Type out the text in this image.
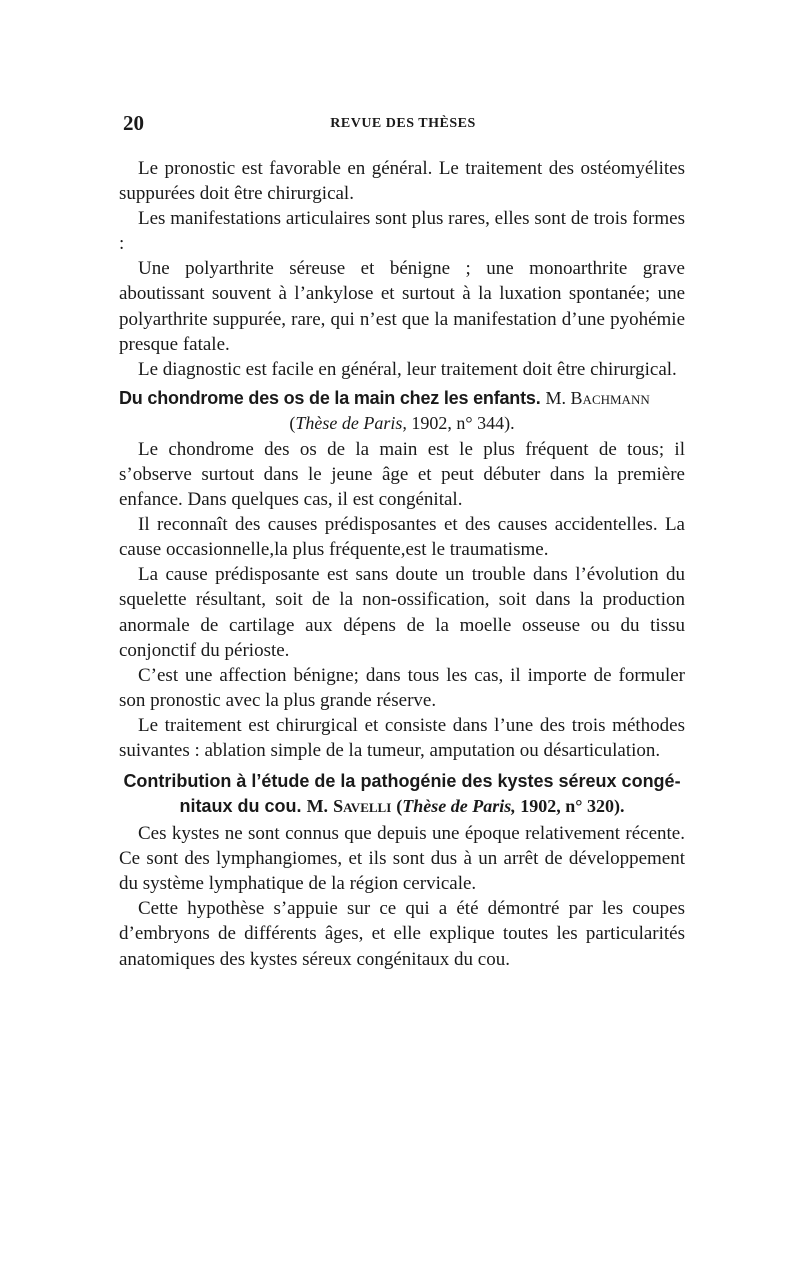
20	REVUE DES THÈSES

Le pronostic est favorable en général. Le traitement des ostéomyélites suppurées doit être chirurgical.

Les manifestations articulaires sont plus rares, elles sont de trois formes :

Une polyarthrite séreuse et bénigne ; une monoarthrite grave aboutissant souvent à l’ankylose et surtout à la luxation spontanée; une polyarthrite suppurée, rare, qui n’est que la manifestation d’une pyohémie presque fatale.

Le diagnostic est facile en général, leur traitement doit être chirurgical.

Du chondrome des os de la main chez les enfants. M. Bachmann
(Thèse de Paris, 1902, n° 344).

Le chondrome des os de la main est le plus fréquent de tous; il s’observe surtout dans le jeune âge et peut débuter dans la première enfance. Dans quelques cas, il est congénital.

Il reconnaît des causes prédisposantes et des causes accidentelles. La cause occasionnelle,la plus fréquente,est le traumatisme.

La cause prédisposante est sans doute un trouble dans l’évolution du squelette résultant, soit de la non-ossification, soit dans la production anormale de cartilage aux dépens de la moelle osseuse ou du tissu conjonctif du périoste.

C’est une affection bénigne; dans tous les cas, il importe de formuler son pronostic avec la plus grande réserve.

Le traitement est chirurgical et consiste dans l’une des trois méthodes suivantes : ablation simple de la tumeur, amputation ou désarticulation.

Contribution à l’étude de la pathogénie des kystes séreux congé-
nitaux du cou. M. Savelli (Thèse de Paris, 1902, n° 320).

Ces kystes ne sont connus que depuis une époque relativement récente. Ce sont des lymphangiomes, et ils sont dus à un arrêt de développement du système lymphatique de la région cervicale.

Cette hypothèse s’appuie sur ce qui a été démontré par les coupes d’embryons de différents âges, et elle explique toutes les particularités anatomiques des kystes séreux congénitaux du cou.
